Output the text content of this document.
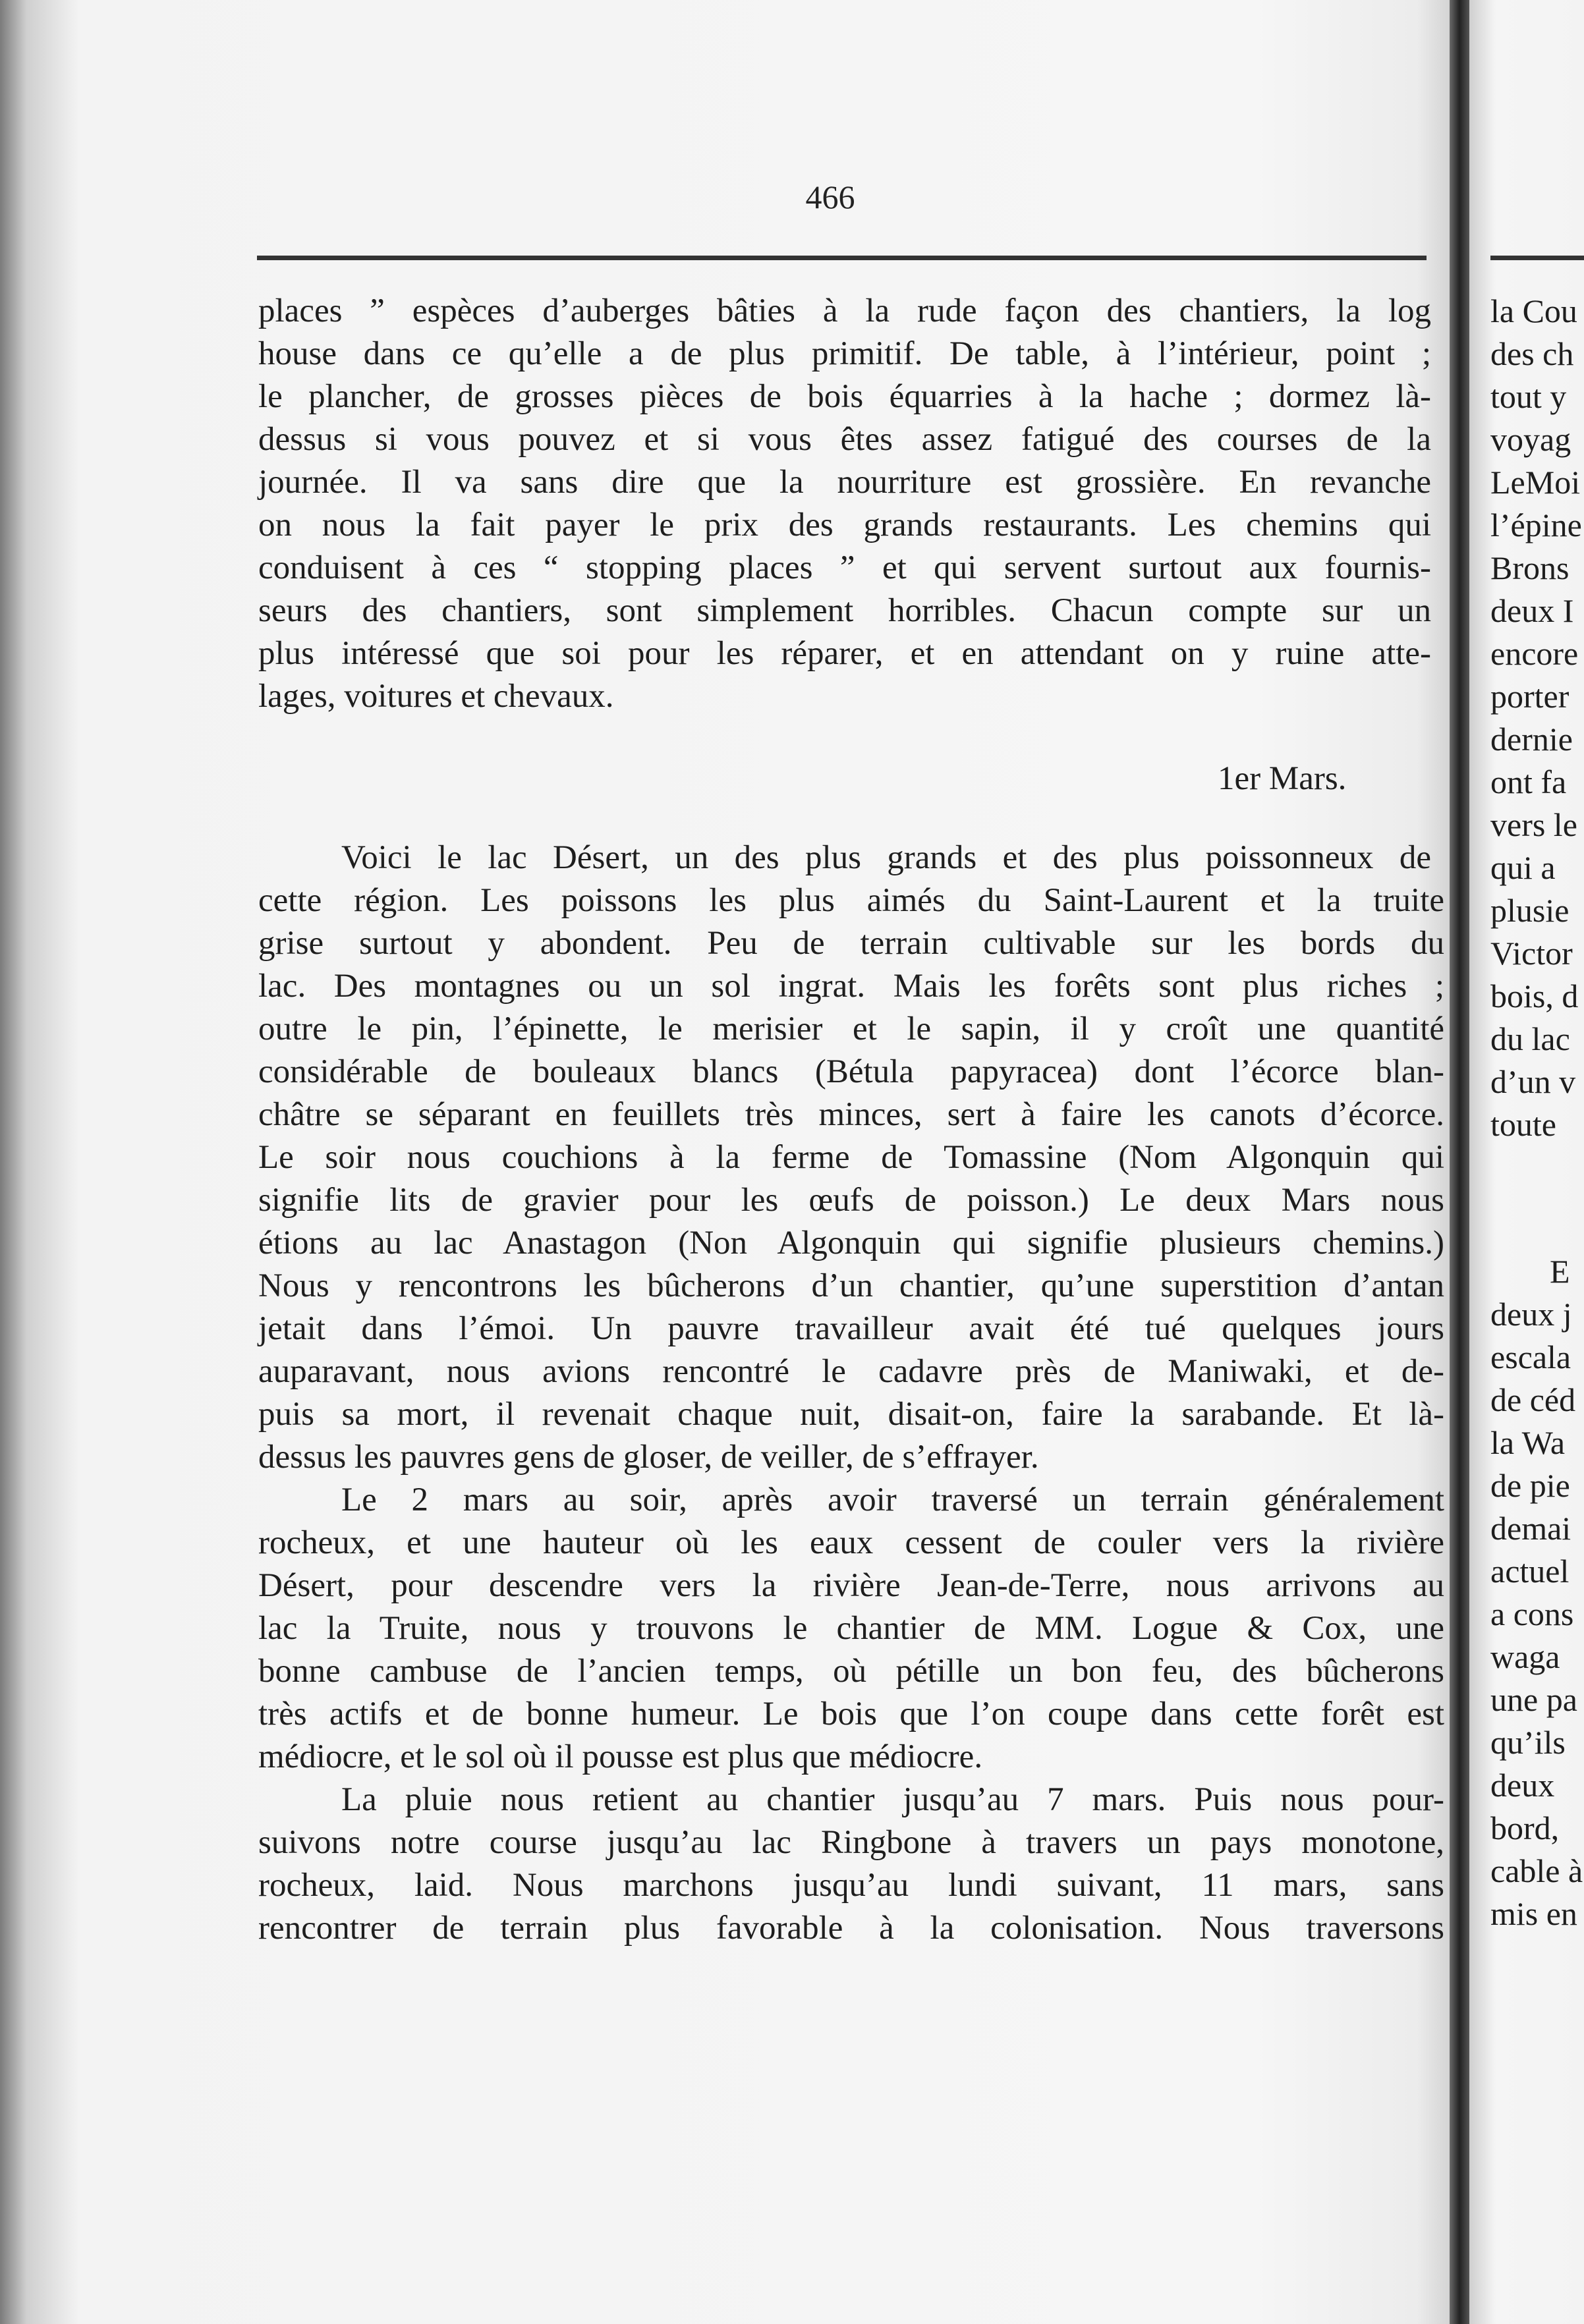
466
places ” espèces d’auberges bâties à la rude façon des chantiers, la log
house dans ce qu’elle a de plus primitif. De table, à l’intérieur, point ;
le plancher, de grosses pièces de bois équarries à la hache ; dormez là-
dessus si vous pouvez et si vous êtes assez fatigué des courses de la
journée. Il va sans dire que la nourriture est grossière. En revanche
on nous la fait payer le prix des grands restaurants. Les chemins qui
conduisent à ces “ stopping places ” et qui servent surtout aux fournis-
seurs des chantiers, sont simplement horribles. Chacun compte sur un
plus intéressé que soi pour les réparer, et en attendant on y ruine atte-
lages, voitures et chevaux.
1er Mars.
Voici le lac Désert, un des plus grands et des plus poissonneux de
cette région. Les poissons les plus aimés du Saint-Laurent et la truite
grise surtout y abondent. Peu de terrain cultivable sur les bords du
lac. Des montagnes ou un sol ingrat. Mais les forêts sont plus riches ;
outre le pin, l’épinette, le merisier et le sapin, il y croît une quantité
considérable de bouleaux blancs (Bétula papyracea) dont l’écorce blan-
châtre se séparant en feuillets très minces, sert à faire les canots d’écorce.
Le soir nous couchions à la ferme de Tomassine (Nom Algonquin qui
signifie lits de gravier pour les œufs de poisson.) Le deux Mars nous
étions au lac Anastagon (Non Algonquin qui signifie plusieurs chemins.)
Nous y rencontrons les bûcherons d’un chantier, qu’une superstition d’antan
jetait dans l’émoi. Un pauvre travailleur avait été tué quelques jours
auparavant, nous avions rencontré le cadavre près de Maniwaki, et de-
puis sa mort, il revenait chaque nuit, disait-on, faire la sarabande. Et là-
dessus les pauvres gens de gloser, de veiller, de s’effrayer.
Le 2 mars au soir, après avoir traversé un terrain généralement
rocheux, et une hauteur où les eaux cessent de couler vers la rivière
Désert, pour descendre vers la rivière Jean-de-Terre, nous arrivons au
lac la Truite, nous y trouvons le chantier de MM. Logue & Cox, une
bonne cambuse de l’ancien temps, où pétille un bon feu, des bûcherons
très actifs et de bonne humeur. Le bois que l’on coupe dans cette forêt est
médiocre, et le sol où il pousse est plus que médiocre.
La pluie nous retient au chantier jusqu’au 7 mars. Puis nous pour-
suivons notre course jusqu’au lac Ringbone à travers un pays monotone,
rocheux, laid. Nous marchons jusqu’au lundi suivant, 11 mars, sans
rencontrer de terrain plus favorable à la colonisation. Nous traversons
la Cou
des ch
tout y
voyag
LeMoi
l’épine
Brons
deux I
encore
porter
dernie
ont fa
vers le
qui a
plusie
Victor
bois, d
du lac
d’un v
toute
E
deux j
escala
de céd
la Wa
de pie
demai
actuel
a cons
waga
une pa
qu’ils
deux
bord,
cable à
mis en
